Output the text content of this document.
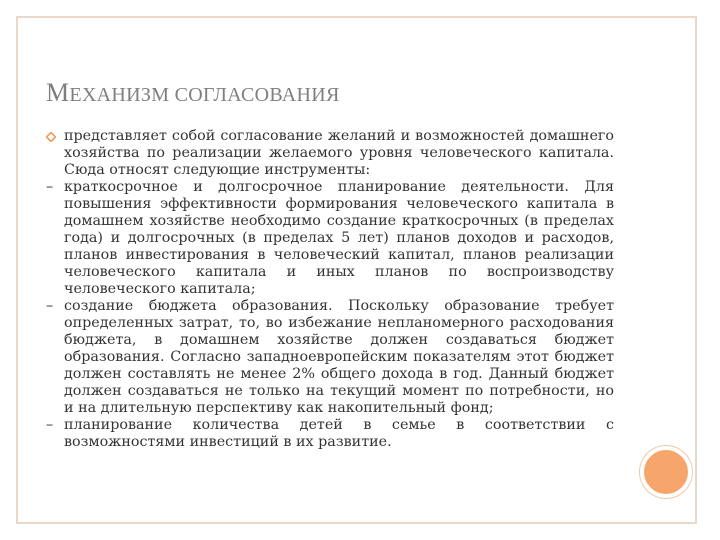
МЕХАНИЗМ СОГЛАСОВАНИЯ

представляет собой согласование желаний и возможностей домашнего хозяйства по реализации желаемого уровня человеческого капитала. Сюда относят следующие инструменты:

– краткосрочное и долгосрочное планирование деятельности. Для повышения эффективности формирования человеческого капитала в домашнем хозяйстве необходимо создание краткосрочных (в пределах года) и долгосрочных (в пределах 5 лет) планов доходов и расходов, планов инвестирования в человеческий капитал, планов реализации человеческого капитала и иных планов по воспроизводству человеческого капитала;

– создание бюджета образования. Поскольку образование требует определенных затрат, то, во избежание непланомерного расходования бюджета, в домашнем хозяйстве должен создаваться бюджет образования. Согласно западноевропейским показателям этот бюджет должен составлять не менее 2% общего дохода в год. Данный бюджет должен создаваться не только на текущий момент по потребности, но и на длительную перспективу как накопительный фонд;

– планирование количества детей в семье в соответствии с возможностями инвестиций в их развитие.
